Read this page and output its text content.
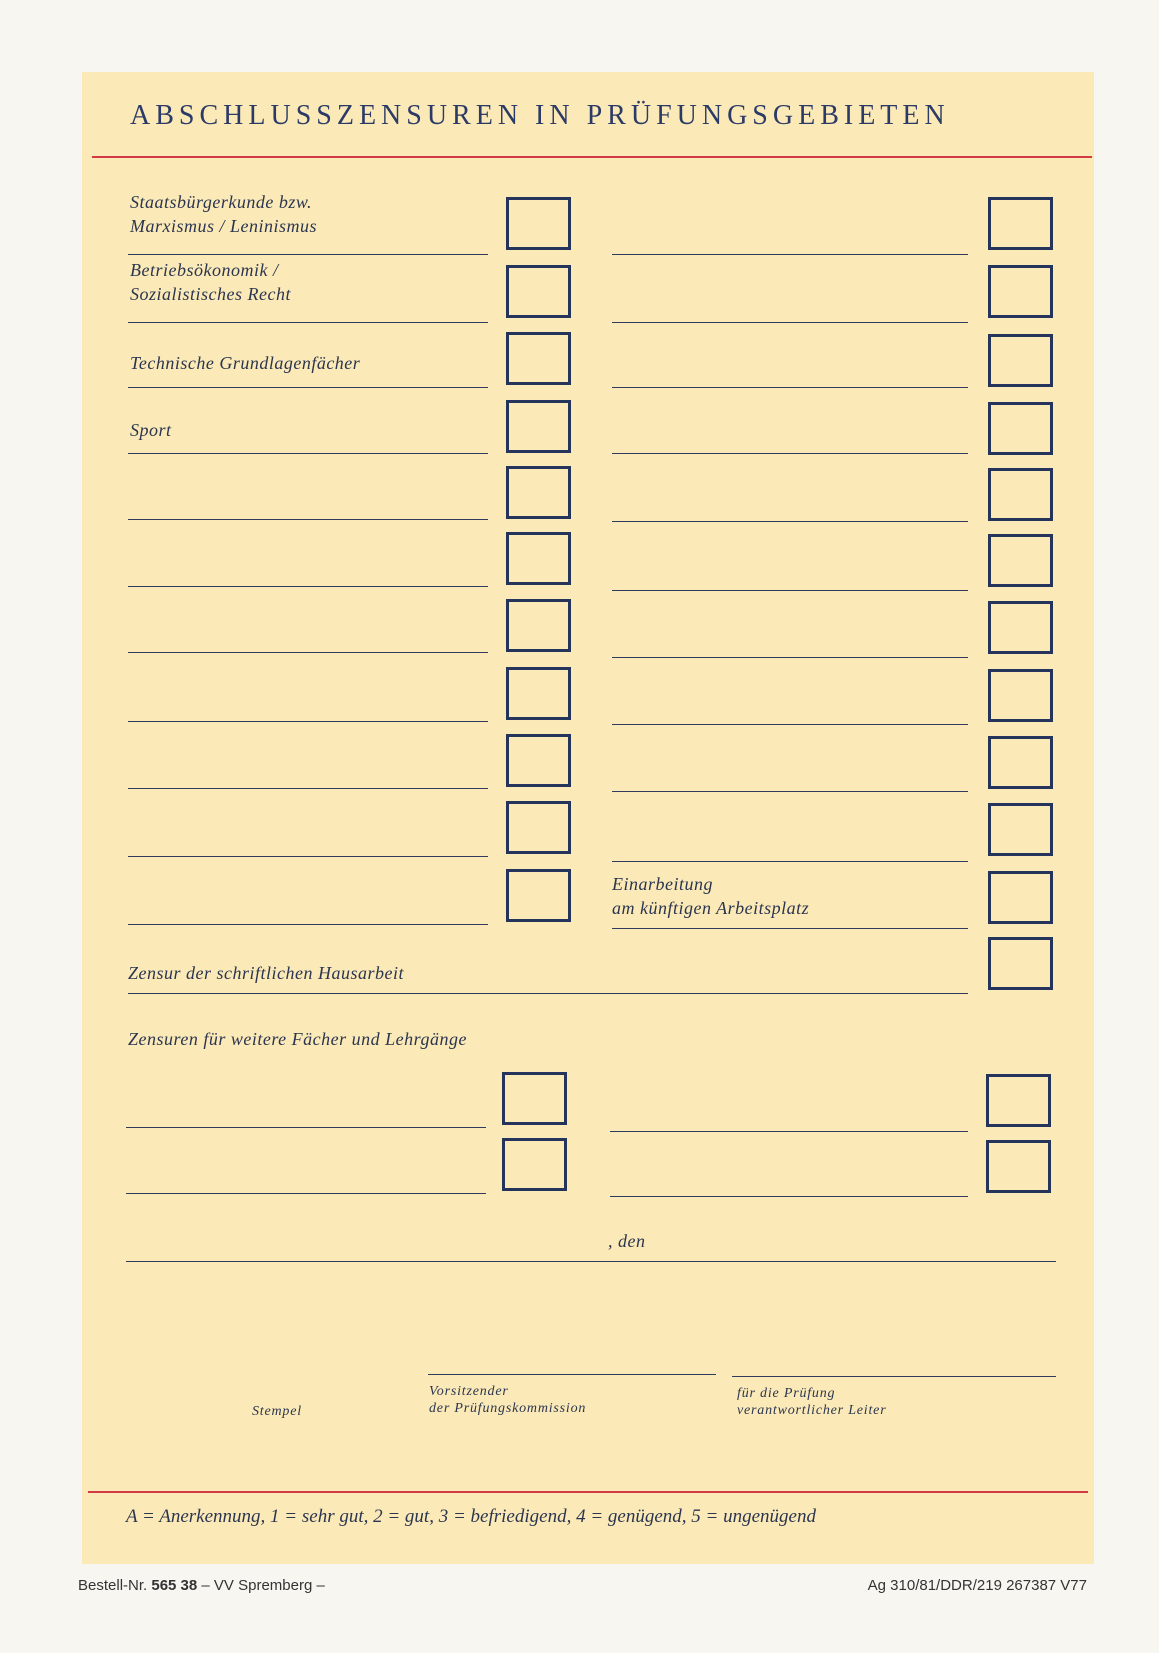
ABSCHLUSSZENSUREN IN PRÜFUNGSGEBIETEN
Staatsbürgerkunde bzw.
Marxismus / Leninismus
Betriebsökonomik /
Sozialistisches Recht
Technische Grundlagenfächer
Sport
Einarbeitung
am künftigen Arbeitsplatz
Zensur der schriftlichen Hausarbeit
Zensuren für weitere Fächer und Lehrgänge
, den
Stempel
Vorsitzender
der Prüfungskommission
für die Prüfung
verantwortlicher Leiter
A = Anerkennung, 1 = sehr gut, 2 = gut, 3 = befriedigend, 4 = genügend, 5 = ungenügend
Bestell-Nr. 565 38 – VV Spremberg –	Ag 310/81/DDR/219 267387 V77
